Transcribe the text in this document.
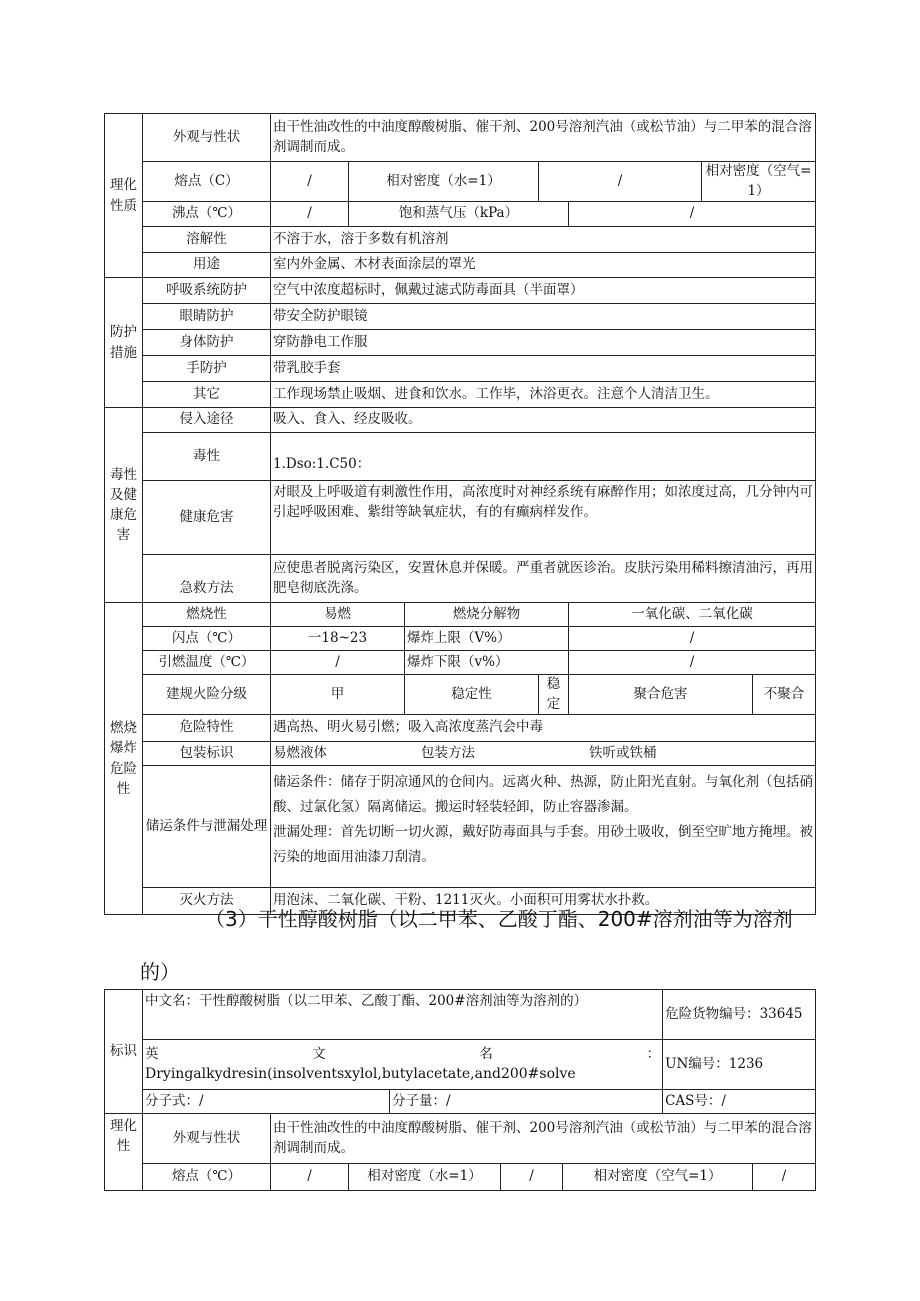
理化性质	外观与性状	由干性油改性的中油度醇酸树脂、催干剂、200号溶剂汽油（或松节油）与二甲苯的混合溶剂调制而成。							
	熔点（C）	/	相对密度（水=1）		/		相对密度（空气=1）	
	沸点（℃）	/	饱和蒸气压（kPa）			/			
	溶解性	不溶于水，溶于多数有机溶剂							
	用途	室内外金属、木材表面涂层的罩光							
防护措施	呼吸系统防护	空气中浓度超标时，佩戴过滤式防毒面具（半面罩）							
	眼睛防护	带安全防护眼镜							
	身体防护	穿防静电工作服							
	手防护	带乳胶手套							
	其它	工作现场禁止吸烟、进食和饮水。工作毕，沐浴更衣。注意个人清洁卫生。							
毒性及健康危害	侵入途径	吸入、食入、经皮吸收。							
	毒性	1.Dso:1.C50：							
	健康危害	对眼及上呼吸道有刺激性作用，高浓度时对神经系统有麻醉作用；如浓度过高，几分钟内可引起呼吸困难、紫绀等缺氧症状，有的有癫病样发作。							
	急救方法	应使患者脱离污染区，安置休息并保暖。严重者就医诊治。皮肤污染用稀料擦清油污，再用肥皂彻底洗涤。							
燃烧爆炸危险性	燃烧性	易燃		燃烧分解物		一氧化碳、二氧化碳			
	闪点（℃）	一18~23		爆炸上限（V%）		/			
	引燃温度（℃）	/		爆炸下限（v%）		/			
	建规火险分级	甲		稳定性	稳定	聚合危害		不聚合	
	危险特性	遇高热、明火易引燃；吸入高浓度蒸汽会中毒							
	包装标识	易燃液体 包装方法 铁听或铁桶							
	储运条件与泄漏处理	储运条件：储存于阴凉通风的仓间内。远离火种、热源，防止阳光直射。与氧化剂（包括硝酸、过氯化氢）隔离储运。搬运时轻装轻卸，防止容器渗漏。
泄漏处理：首先切断一切火源，戴好防毒面具与手套。用砂土吸收，倒至空旷地方掩埋。被污染的地面用油漆刀刮清。							

	灭火方法	用泡沫、二氧化碳、干粉、1211灭火。小面积可用雾状水扑救。							
（3）干性醇酸树脂（以二甲苯、乙酸丁酯、200#溶剂油等为溶剂
的）
标识	中文名：干性醇酸树脂（以二甲苯、乙酸丁酯、200#溶剂油等为溶剂的）						危险货物编号：33645	

	英文名：
Dryingalkydresin(insolventsxylol,butylacetate,and200#solve						UN编号：1236	
	分子式：/			分子量：/			CAS号：/	
理化性	外观与性状	由干性油改性的中油度醇酸树脂、催干剂、200号溶剂汽油（或松节油）与二甲苯的混合溶剂调制而成。						
	熔点（℃）	/	相对密度（水=1）		/	相对密度（空气=1）		/
